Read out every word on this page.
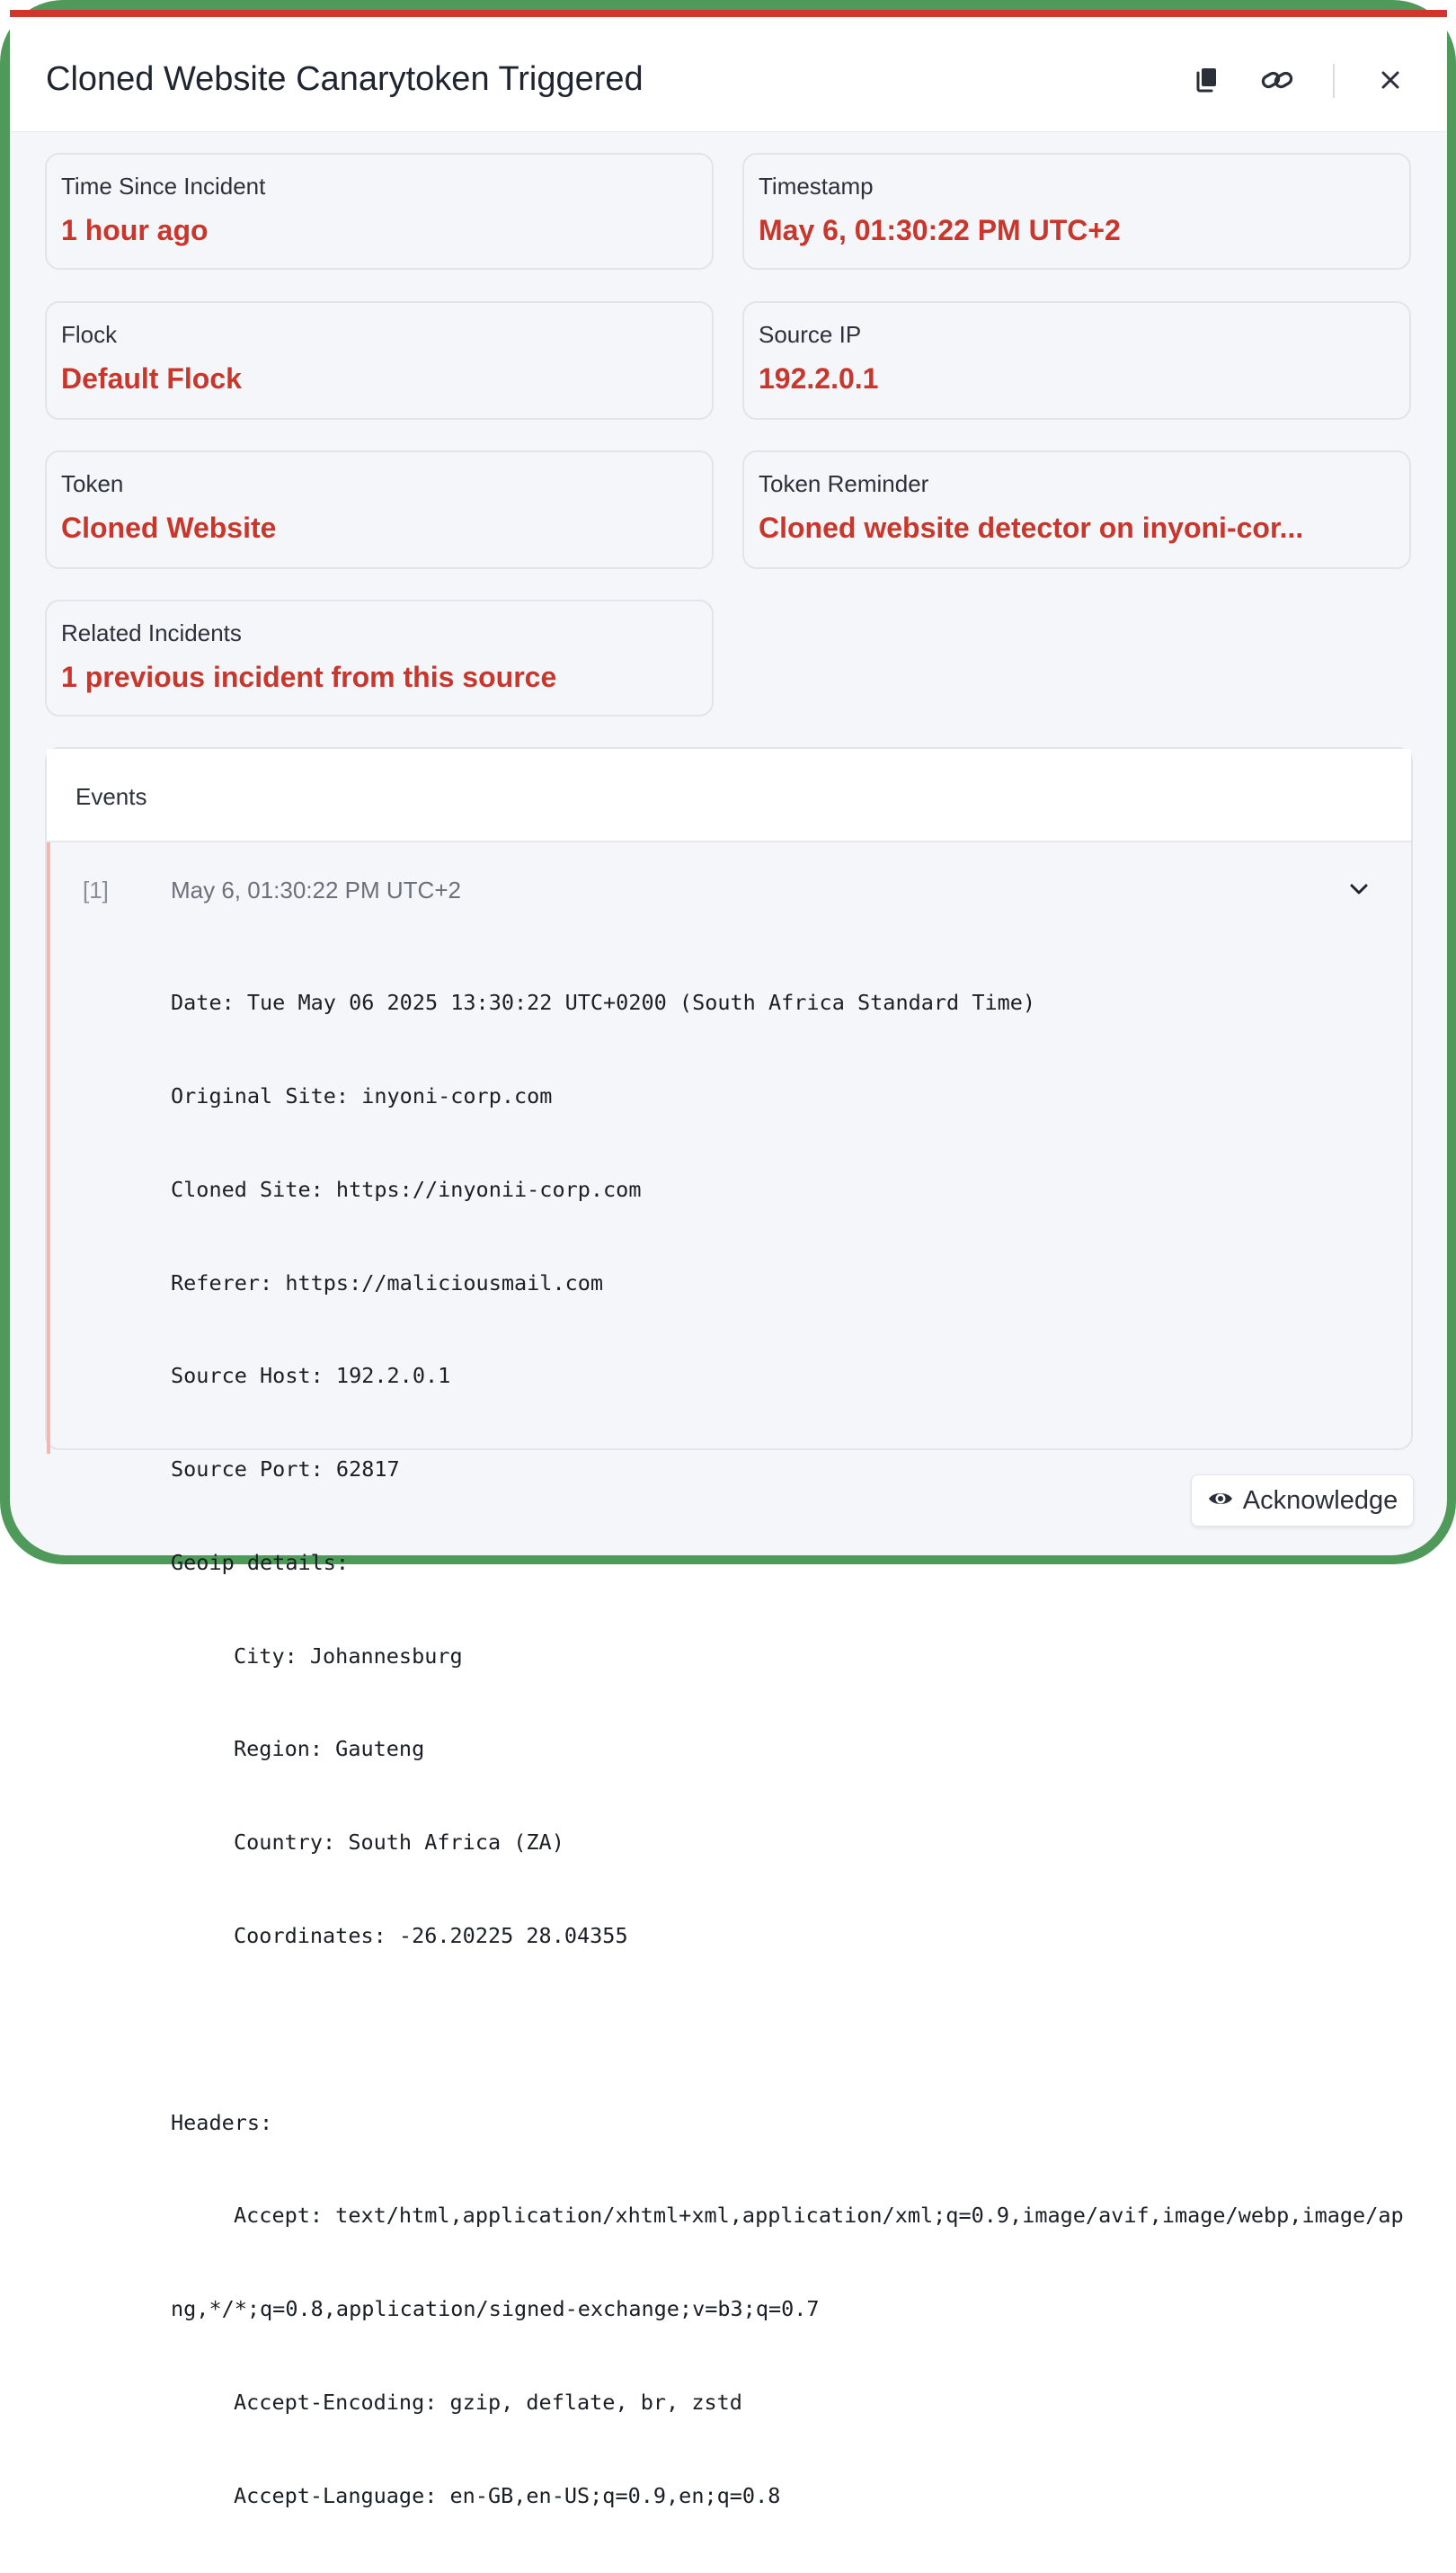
Cloned Website Canarytoken Triggered
Time Since Incident
1 hour ago
Timestamp
May 6, 01:30:22 PM UTC+2
Flock
Default Flock
Source IP
192.2.0.1
Token
Cloned Website
Token Reminder
Cloned website detector on inyoni-cor...
Related Incidents
1 previous incident from this source
Events
[1]	May 6, 01:30:22 PM UTC+2

Date: Tue May 06 2025 13:30:22 UTC+0200 (South Africa Standard Time)

Original Site: inyoni-corp.com

Cloned Site: https://inyonii-corp.com

Referer: https://maliciousmail.com

Source Host: 192.2.0.1

Source Port: 62817

Geoip details:

City: Johannesburg

Region: Gauteng

Country: South Africa (ZA)

Coordinates: -26.20225 28.04355

Headers:

Accept: text/html,application/xhtml+xml,application/xml;q=0.9,image/avif,image/webp,image/ap

ng,*/*;q=0.8,application/signed-exchange;v=b3;q=0.7

Accept-Encoding: gzip, deflate, br, zstd

Accept-Language: en-GB,en-US;q=0.9,en;q=0.8

Acknowledge
